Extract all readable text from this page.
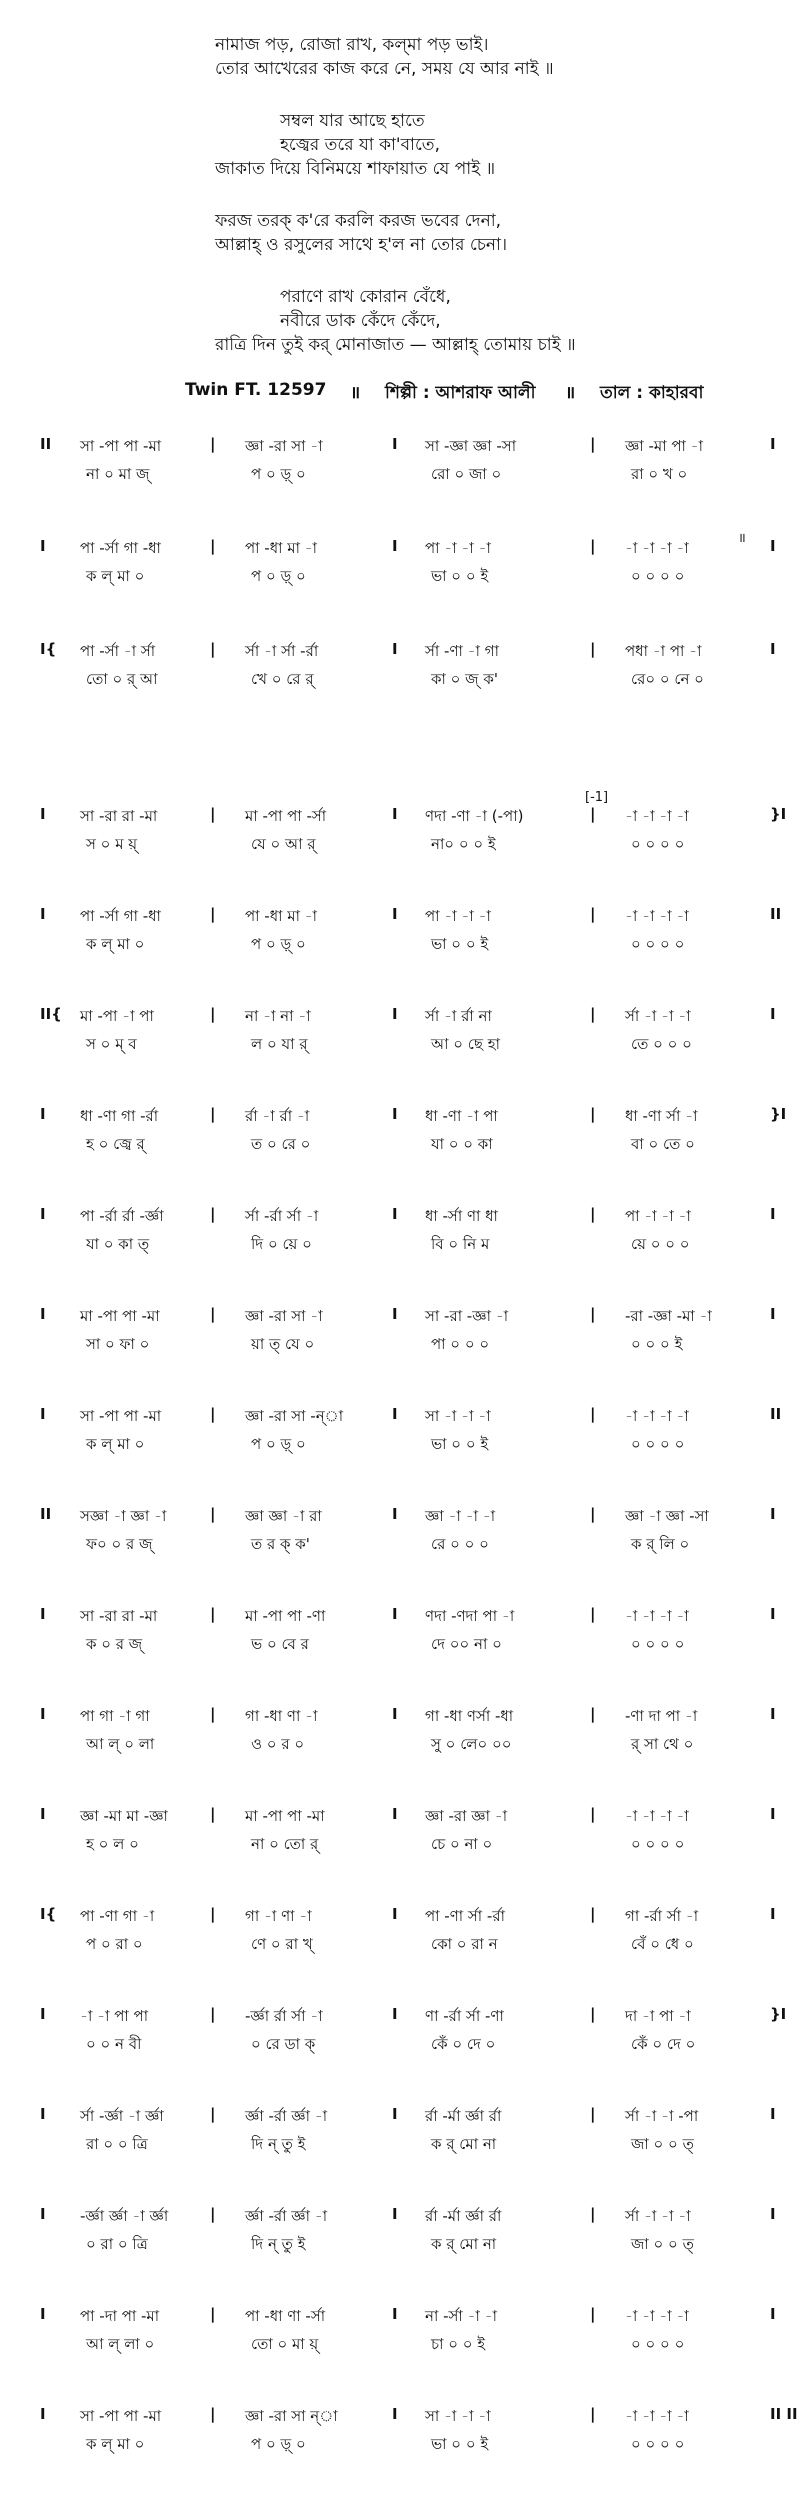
নামাজ পড়, রোজা রাখ, কল্‌মা পড় ভাই।
তোর আখেরের কাজ করে নে, সময় যে আর নাই ॥
সম্বল যার আছে হাতে
হজ্বের তরে যা কা'বাতে,
জাকাত দিয়ে বিনিময়ে শাফায়াত যে পাই ॥
ফরজ তরক্‌ ক'রে করলি করজ ভবের দেনা,
আল্লাহ্‌ ও রসুলের সাথে হ'ল না তোর চেনা।
পরাণে রাখ কোরান বেঁধে,
নবীরে ডাক কেঁদে কেঁদে,
রাত্রি দিন তুই কর্‌ মোনাজাত — আল্লাহ্‌ তোমায় চাই ॥
Twin FT. 12597 ॥ শিল্পী : আশরাফ আলী ॥ তাল : কাহারবা
[-1]
॥
II সা -পা পা -মা	জ্ঞা -রা সা -া	সা -জ্ঞা জ্ঞা -সা	জ্ঞা -মা পা -া
|	I	|	I
না ০ মা জ্	প ০ ড়্ ০	রো ০ জা ০	রা ০ খ ০
I পা -র্সা গা -ধা	পা -ধা মা -া	পা -া -া -া	-া -া -া -া
|	I	|	I
ক ল্ মা ০	প ০ ড়্ ০	ভা ০ ০ ই	০ ০ ০ ০
I{ পা -র্সা -া র্সা	র্সা -া র্সা -র্রা	র্সা -ণা -া গা	পধা -া পা -া
|	I	|	I
তো ০ র্ আ	খে ০ রে র্	কা ০ জ্ ক'	রে০ ০ নে ০
I সা -রা রা -মা	মা -পা পা -র্সা	ণদা -ণা -া (-পা)	-া -া -া -া
|	I	|	}I
স ০ ম য়্	যে ০ আ র্	না০ ০ ০ ই	০ ০ ০ ০
I পা -র্সা গা -ধা	পা -ধা মা -া	পা -া -া -া	-া -া -া -া
|	I	|	II
ক ল্ মা ০	প ০ ড়্ ০	ভা ০ ০ ই	০ ০ ০ ০
II{ মা -পা -া পা	না -া না -া	র্সা -া র্রা না	র্সা -া -া -া
|	I	|	I
স ০ ম্ ব	ল ০ যা র্	আ ০ ছে হা	তে ০ ০ ০
I ধা -ণা গা -র্রা	র্রা -া র্রা -া	ধা -ণা -া পা	ধা -ণা র্সা -া
|	I	|	}I
হ ০ জ্বে র্	ত ০ রে ০	যা ০ ০ কা	বা ০ তে ০
I পা -র্রা র্রা -র্জ্ঞা	র্সা -র্রা র্সা -া	ধা -র্সা ণা ধা	পা -া -া -া
|	I	|	I
যা ০ কা ত্	দি ০ য়ে ০	বি ০ নি ম	য়ে ০ ০ ০
I মা -পা পা -মা	জ্ঞা -রা সা -া	সা -রা -জ্ঞা -া	-রা -জ্ঞা -মা -া
|	I	|	I
সা ০ ফা ০	য়া ত্ যে ০	পা ০ ০ ০	০ ০ ০ ই
I সা -পা পা -মা	জ্ঞা -রা সা -ন্া	সা -া -া -া	-া -া -া -া
|	I	|	II
ক ল্ মা ০	প ০ ড়্ ০	ভা ০ ০ ই	০ ০ ০ ০
II সজ্ঞা -া জ্ঞা -া	জ্ঞা জ্ঞা -া রা	জ্ঞা -া -া -া	জ্ঞা -া জ্ঞা -সা
|	I	|	I
ফ০ ০ র জ্	ত র ক্ ক'	রে ০ ০ ০	ক র্ লি ০
I সা -রা রা -মা	মা -পা পা -ণা	ণদা -ণদা পা -া	-া -া -া -া
|	I	|	I
ক ০ র জ্	ভ ০ বে র	দে ০০ না ০	০ ০ ০ ০
I পা গা -া গা	গা -ধা ণা -া	গা -ধা ণর্সা -ধা	-ণা দা পা -া
|	I	|	I
আ ল্ ০ লা	ও ০ র ০	সু ০ লে০ ০০	র্ সা থে ০
I জ্ঞা -মা মা -জ্ঞা	মা -পা পা -মা	জ্ঞা -রা জ্ঞা -া	-া -া -া -া
|	I	|	I
হ ০ ল ০	না ০ তো র্	চে ০ না ০	০ ০ ০ ০
I{ পা -ণা গা -া	গা -া ণা -া	পা -ণা র্সা -র্রা	গা -র্রা র্সা -া
|	I	|	I
প ০ রা ০	ণে ০ রা খ্	কো ০ রা ন	বেঁ ০ ধে ০
I -া -া পা পা	-র্জ্ঞা র্রা র্সা -া	ণা -র্রা র্সা -ণা	দা -া পা -া
|	I	|	}I
০ ০ ন বী	০ রে ডা ক্	কেঁ ০ দে ০	কেঁ ০ দে ০
I র্সা -র্জ্ঞা -া র্জ্ঞা	র্জ্ঞা -র্রা র্জ্ঞা -া	র্রা -র্মা র্জ্ঞা র্রা	র্সা -া -া -পা
|	I	|	I
রা ০ ০ ত্রি	দি ন্ তু ই	ক র্ মো না	জা ০ ০ ত্
I -র্জ্ঞা র্জ্ঞা -া র্জ্ঞা	র্জ্ঞা -র্রা র্জ্ঞা -া	র্রা -র্মা র্জ্ঞা র্রা	র্সা -া -া -া
|	I	|	I
০ রা ০ ত্রি	দি ন্ তু ই	ক র্ মো না	জা ০ ০ ত্
I পা -দা পা -মা	পা -ধা ণা -র্সা	না -র্সা -া -া	-া -া -া -া
|	I	|	I
আ ল্ লা ০	তো ০ মা য়্	চা ০ ০ ই	০ ০ ০ ০
I সা -পা পা -মা	জ্ঞা -রা সা ন্া	সা -া -া -া	-া -া -া -া
|	I	|	II II
ক ল্ মা ০	প ০ ড়্ ০	ভা ০ ০ ই	০ ০ ০ ০
